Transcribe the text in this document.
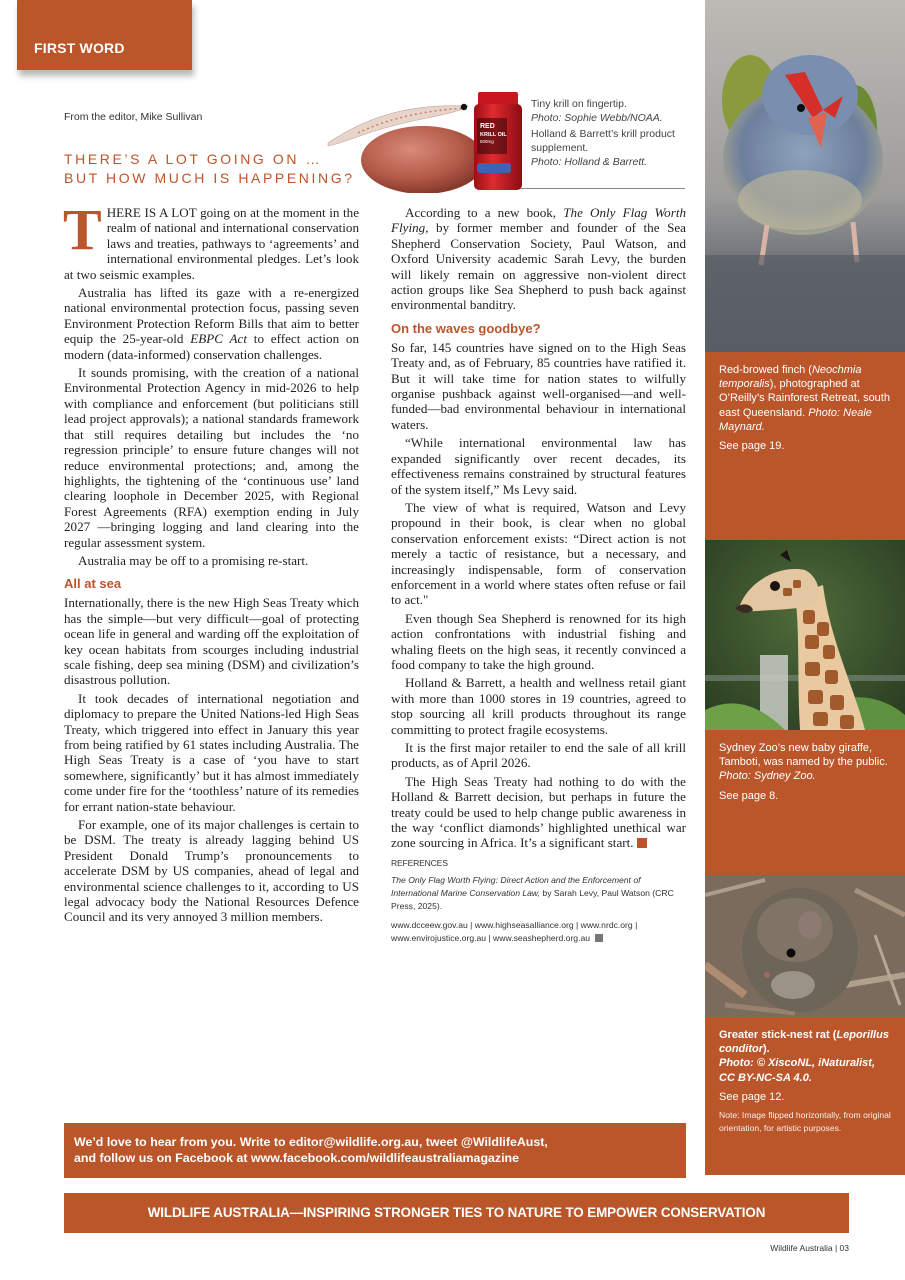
FIRST WORD
From the editor, Mike Sullivan
THERE’S A LOT GOING ON …
BUT HOW MUCH IS HAPPENING?
RED
KRILL OIL
500mg

Tiny krill on fingertip.
Photo: Sophie Webb/NOAA.

Holland & Barrett’s krill product supplement.
Photo: Holland & Barrett.

THERE IS A LOT going on at the moment in the realm of national and international conservation laws and treaties, pathways to ‘agreements’ and international environmental pledges. Let’s look at two seismic examples.

Australia has lifted its gaze with a re-energized national environmental protection focus, passing seven Environment Protection Reform Bills that aim to better equip the 25-year-old EBPC Act to effect action on modern (data-informed) conservation challenges.

It sounds promising, with the creation of a national Environmental Protection Agency in mid-2026 to help with compliance and enforcement (but politicians still lead project approvals); a national standards framework that still requires detailing but includes the ‘no regression principle’ to ensure future changes will not reduce environmental protections; and, among the highlights, the tightening of the ‘continuous use’ land clearing loophole in December 2025, with Regional Forest Agreements (RFA) exemption ending in July 2027 —bringing logging and land clearing into the regular assessment system.

Australia may be off to a promising re-start.

All at sea

Internationally, there is the new High Seas Treaty which has the simple—but very difficult—goal of protecting ocean life in general and warding off the exploitation of key ocean habitats from scourges including industrial scale fishing, deep sea mining (DSM) and civilization’s disastrous pollution.

It took decades of international negotiation and diplomacy to prepare the United Nations-led High Seas Treaty, which triggered into effect in January this year from being ratified by 61 states including Australia. The High Seas Treaty is a case of ‘you have to start somewhere, significantly’ but it has almost immediately come under fire for the ‘toothless’ nature of its remedies for errant nation-state behaviour.

For example, one of its major challenges is certain to be DSM. The treaty is already lagging behind US President Donald Trump’s pronouncements to accelerate DSM by US companies, ahead of legal and environmental science challenges to it, according to US legal advocacy body the National Resources Defence Council and its very annoyed 3 million members.

According to a new book, The Only Flag Worth Flying, by former member and founder of the Sea Shepherd Conservation Society, Paul Watson, and Oxford University academic Sarah Levy, the burden will likely remain on aggressive non-violent direct action groups like Sea Shepherd to push back against environmental banditry.

On the waves goodbye?

So far, 145 countries have signed on to the High Seas Treaty and, as of February, 85 countries have ratified it. But it will take time for nation states to wilfully organise pushback against well-organised—and well-funded—bad environmental behaviour in international waters.

“While international environmental law has expanded significantly over recent decades, its effectiveness remains constrained by structural features of the system itself,” Ms Levy said.

The view of what is required, Watson and Levy propound in their book, is clear when no global conservation enforcement exists: “Direct action is not merely a tactic of resistance, but a necessary, and increasingly indispensable, form of conservation enforcement in a world where states often refuse or fail to act."

Even though Sea Shepherd is renowned for its high action confrontations with industrial fishing and whaling fleets on the high seas, it recently convinced a food company to take the high ground.

Holland & Barrett, a health and wellness retail giant with more than 1000 stores in 19 countries, agreed to stop sourcing all krill products throughout its range committing to protect fragile ecosystems.

It is the first major retailer to end the sale of all krill products, as of April 2026.

The High Seas Treaty had nothing to do with the Holland & Barrett decision, but perhaps in future the treaty could be used to help change public awareness in the way ‘conflict diamonds’ highlighted unethical war zone sourcing in Africa. It’s a significant start.

REFERENCES
The Only Flag Worth Flying: Direct Action and the Enforcement of International Marine Conservation Law, by Sarah Levy, Paul Watson (CRC Press, 2025).
www.dcceew.gov.au | www.highseasalliance.org | www.nrdc.org | www.envirojustice.org.au | www.seashepherd.org.au
Red-browed finch (Neochmia temporalis), photographed at O’Reilly’s Rainforest Retreat, south east Queensland. Photo: Neale Maynard.
See page 19.
Sydney Zoo’s new baby giraffe, Tamboti, was named by the public. Photo: Sydney Zoo.
See page 8.
Greater stick-nest rat (Leporillus conditor).
Photo: © XiscoNL, iNaturalist, CC BY-NC-SA 4.0.
See page 12.
Note: Image flipped horizontally, from original orientation, for artistic purposes.
We’d love to hear from you. Write to editor@wildlife.org.au, tweet @WildlifeAust,
and follow us on Facebook at www.facebook.com/wildlifeaustraliamagazine
WILDLIFE AUSTRALIA—INSPIRING STRONGER TIES TO NATURE TO EMPOWER CONSERVATION
Wildlife Australia | 03
